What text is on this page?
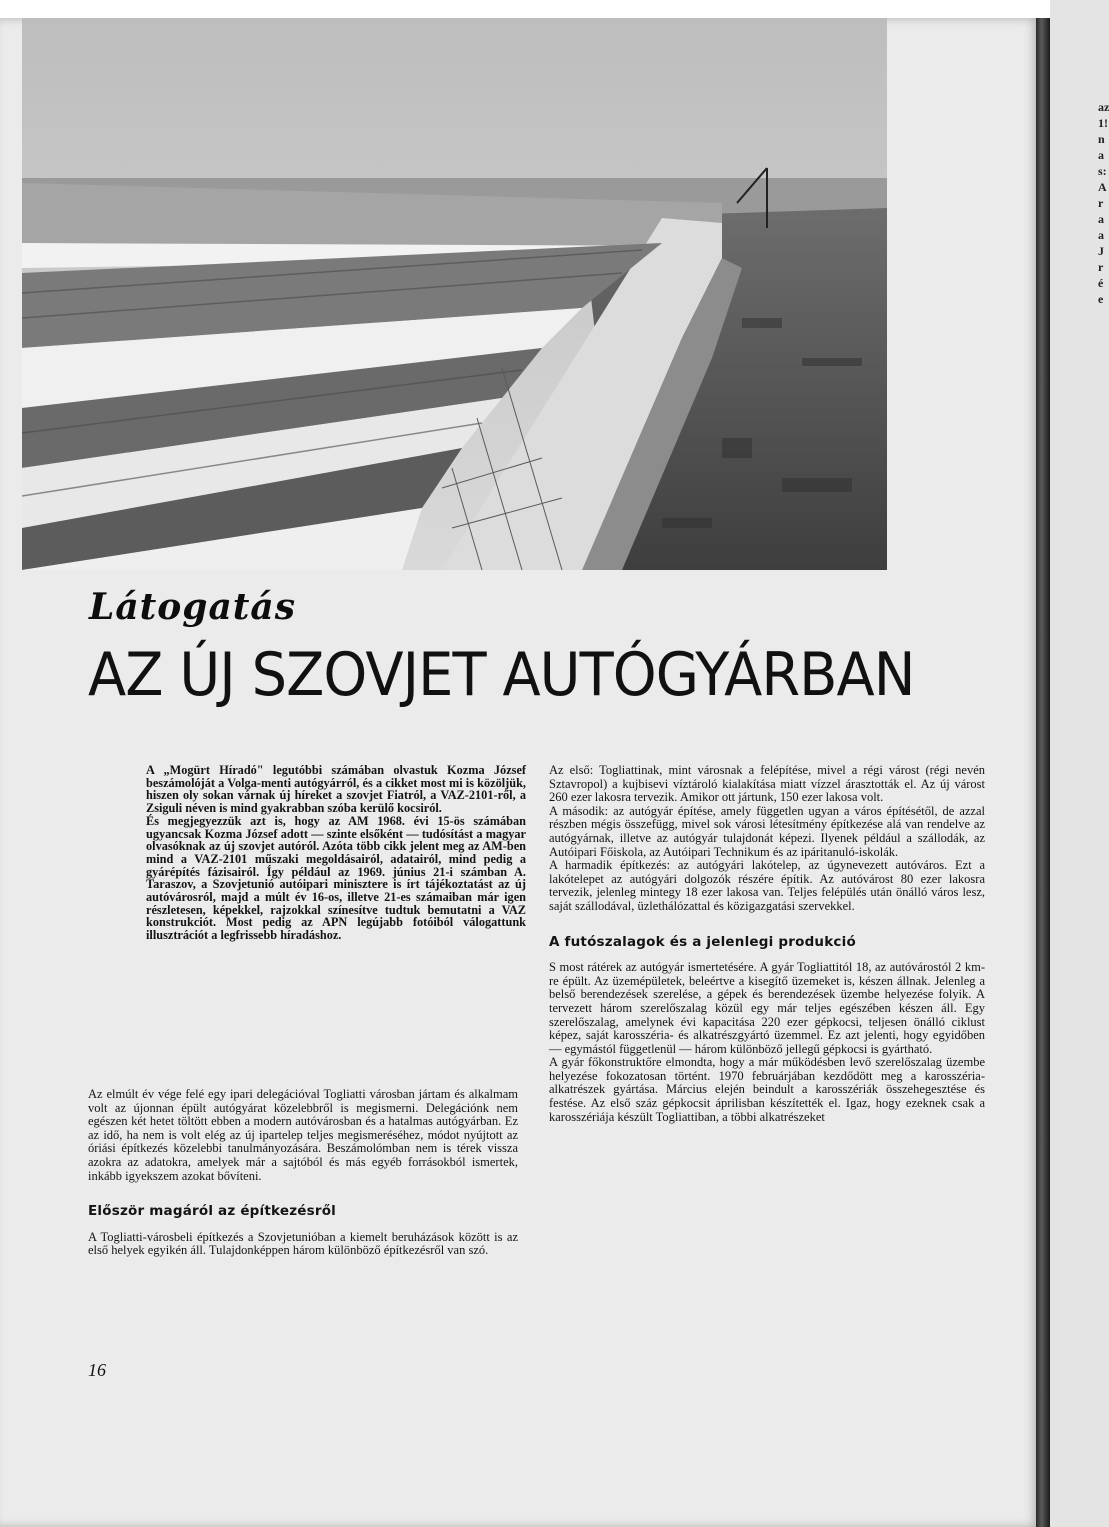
az
1!
n
a
s:
A
r
a
a
J
r
é
e
Látogatás
AZ ÚJ SZOVJET AUTÓGYÁRBAN

A „Mogürt Híradó" legutóbbi számában olvastuk Kozma József beszámolóját a Volga-menti autógyárról, és a cikket most mi is közöljük, hiszen oly sokan várnak új híreket a szovjet Fiatról, a VAZ-2101-ről, a Zsiguli néven is mind gyakrabban szóba kerülő kocsiról.

És megjegyezzük azt is, hogy az AM 1968. évi 15-ös számában ugyancsak Kozma József adott — szinte elsőként — tudósítást a magyar olvasóknak az új szovjet autóról. Azóta több cikk jelent meg az AM-ben mind a VAZ-2101 műszaki megoldásairól, adatairól, mind pedig a gyárépítés fázisairól. Így például az 1969. június 21-i számban A. Taraszov, a Szovjetunió autóipari minisztere is írt tájékoztatást az új autóvárosról, majd a múlt év 16-os, illetve 21-es számaiban már igen részletesen, képekkel, rajzokkal színesítve tudtuk bemutatni a VAZ konstrukciót. Most pedig az APN legújabb fotóiból válogattunk illusztrációt a legfrissebb híradáshoz.

Az elmúlt év vége felé egy ipari delegációval Togliatti városban jártam és alkalmam volt az újonnan épült autógyárat közelebbről is megismerni. Delegációnk nem egészen két hetet töltött ebben a modern autóvárosban és a hatalmas autógyárban. Ez az idő, ha nem is volt elég az új ipartelep teljes megismeréséhez, módot nyújtott az óriási építkezés közelebbi tanulmányozására. Beszámolómban nem is térek vissza azokra az adatokra, amelyek már a sajtóból és más egyéb forrásokból ismertek, inkább igyekszem azokat bővíteni.

Először magáról az építkezésről

A Togliatti-városbeli építkezés a Szovjetunióban a kiemelt beruházások között is az első helyek egyikén áll. Tulajdonképpen három különböző építkezésről van szó.

Az első: Togliattinak, mint városnak a felépítése, mivel a régi várost (régi nevén Sztavropol) a kujbisevi víztároló kialakítása miatt vízzel árasztották el. Az új várost 260 ezer lakosra tervezik. Amikor ott jártunk, 150 ezer lakosa volt.

A második: az autógyár építése, amely független ugyan a város építésétől, de azzal részben mégis összefügg, mivel sok városi létesítmény építkezése alá van rendelve az autógyárnak, illetve az autógyár tulajdonát képezi. Ilyenek például a szállodák, az Autóipari Főiskola, az Autóipari Technikum és az ipáritanuló-iskolák.

A harmadik építkezés: az autógyári lakótelep, az úgynevezett autóváros. Ezt a lakótelepet az autógyári dolgozók részére építik. Az autóvárost 80 ezer lakosra tervezik, jelenleg mintegy 18 ezer lakosa van. Teljes felépülés után önálló város lesz, saját szállodával, üzlethálózattal és közigazgatási szervekkel.

A futószalagok és a jelenlegi produkció

S most rátérek az autógyár ismertetésére. A gyár Togliattitól 18, az autóvárostól 2 km-re épült. Az üzemépületek, beleértve a kisegítő üzemeket is, készen állnak. Jelenleg a belső berendezések szerelése, a gépek és berendezések üzembe helyezése folyik. A tervezett három szerelőszalag közül egy már teljes egészében készen áll. Egy szerelőszalag, amelynek évi kapacitása 220 ezer gépkocsi, teljesen önálló ciklust képez, saját karosszéria- és alkatrészgyártó üzemmel. Ez azt jelenti, hogy egyidőben — egymástól függetlenül — három különböző jellegű gépkocsi is gyártható.

A gyár főkonstruktőre elmondta, hogy a már működésben levő szerelőszalag üzembe helyezése fokozatosan történt. 1970 februárjában kezdődött meg a karosszéria-alkatrészek gyártása. Március elején beindult a karosszériák összehegesztése és festése. Az első száz gépkocsit áprilisban készítették el. Igaz, hogy ezeknek csak a karosszériája készült Togliattiban, a többi alkatrészeket

16
